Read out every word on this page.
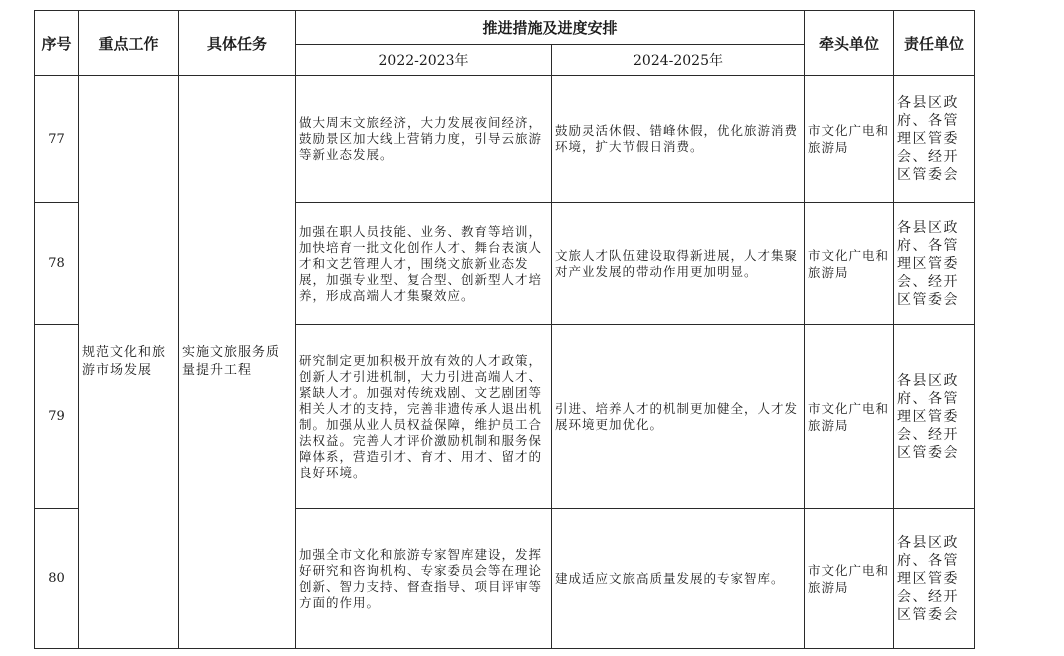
序号	重点工作	具体任务	推进措施及进度安排		牵头单位	责任单位
			2022-2023年	2024-2025年		
77	规范文化和旅游市场发展	实施文旅服务质量提升工程	做大周末文旅经济，大力发展夜间经济，鼓励景区加大线上营销力度，引导云旅游等新业态发展。	鼓励灵活休假、错峰休假，优化旅游消费环境，扩大节假日消费。	市文化广电和旅游局	各县区政府、各管理区管委会、经开区管委会
78			加强在职人员技能、业务、教育等培训，加快培育一批文化创作人才、舞台表演人才和文艺管理人才，围绕文旅新业态发展，加强专业型、复合型、创新型人才培养，形成高端人才集聚效应。	文旅人才队伍建设取得新进展，人才集聚对产业发展的带动作用更加明显。	市文化广电和旅游局	各县区政府、各管理区管委会、经开区管委会
79			研究制定更加积极开放有效的人才政策，创新人才引进机制，大力引进高端人才、紧缺人才。加强对传统戏剧、文艺剧团等相关人才的支持，完善非遗传承人退出机制。加强从业人员权益保障，维护员工合法权益。完善人才评价激励机制和服务保障体系，营造引才、育才、用才、留才的良好环境。	引进、培养人才的机制更加健全，人才发展环境更加优化。	市文化广电和旅游局	各县区政府、各管理区管委会、经开区管委会
80			加强全市文化和旅游专家智库建设，发挥好研究和咨询机构、专家委员会等在理论创新、智力支持、督查指导、项目评审等方面的作用。	建成适应文旅高质量发展的专家智库。	市文化广电和旅游局	各县区政府、各管理区管委会、经开区管委会
